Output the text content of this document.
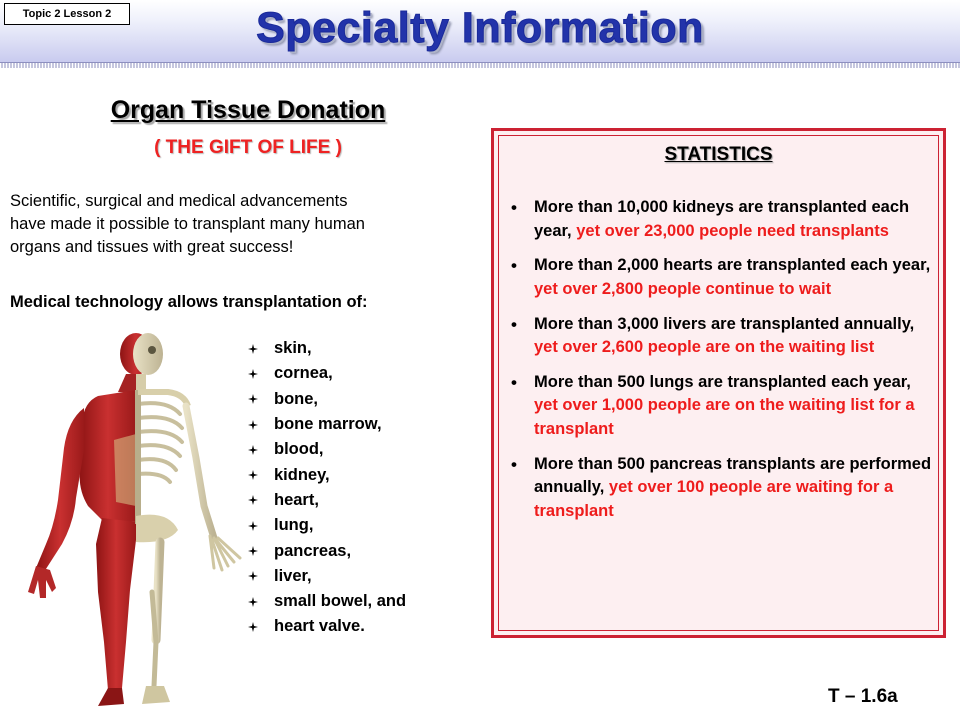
Topic 2 Lesson 2	Specialty Information
Organ Tissue Donation
( THE GIFT OF LIFE )
Scientific, surgical and medical advancements
have made it possible to transplant many human
organs and tissues with great success!
Medical technology allows transplantation of:
skin,
cornea,
bone,
bone marrow,
blood,
kidney,
heart,
lung,
pancreas,
liver,
small bowel, and
heart valve.
STATISTICS
• More than 10,000 kidneys are transplanted each year, yet over 23,000 people need transplants
• More than 2,000 hearts are transplanted each year, yet over 2,800 people continue to wait
• More than 3,000 livers are transplanted annually, yet over 2,600 people are on the waiting list
• More than 500 lungs are transplanted each year, yet over 1,000 people are on the waiting list for a transplant
• More than 500 pancreas transplants are performed annually, yet over 100 people are waiting for a transplant
T – 1.6a
